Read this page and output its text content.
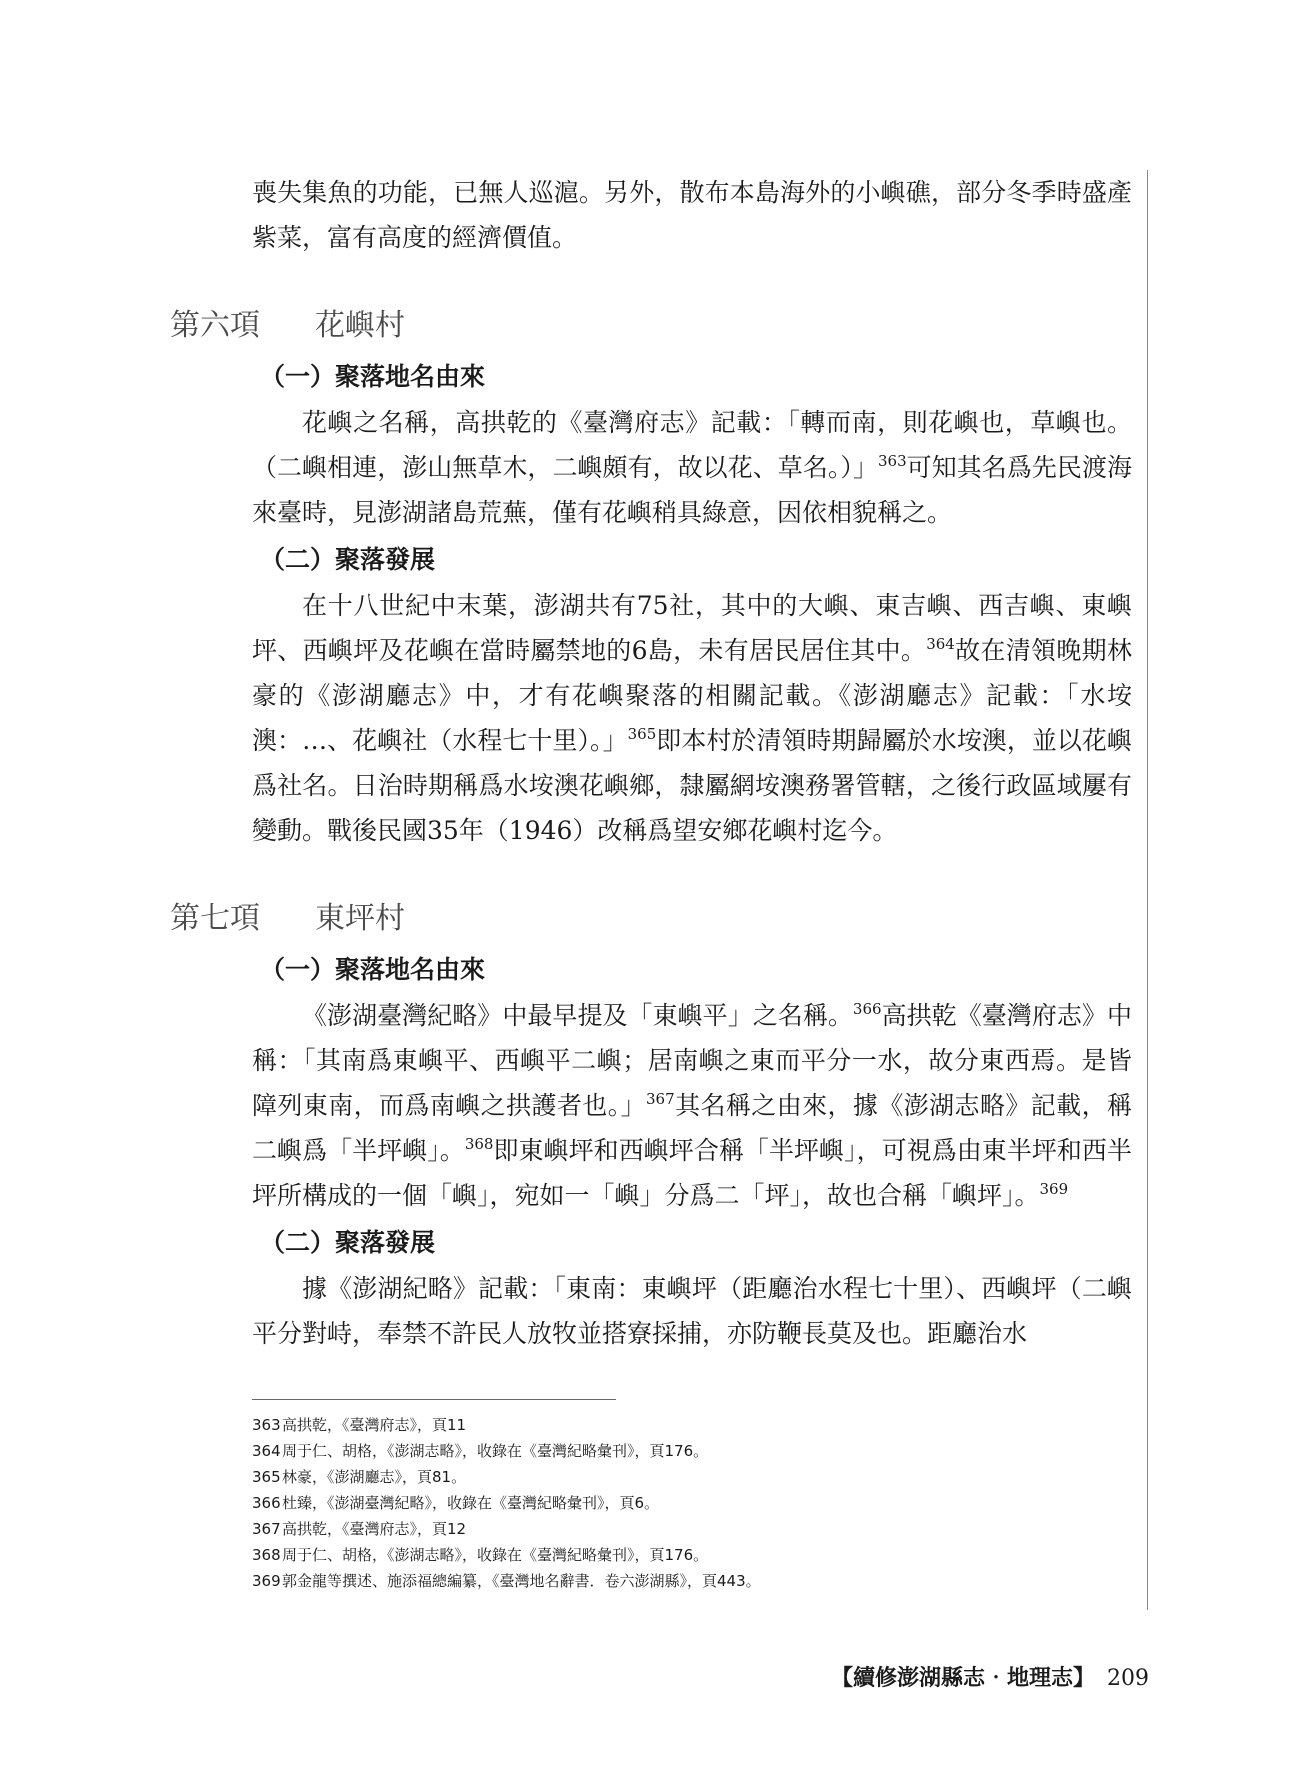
喪失集魚的功能，已無人巡滬。另外，散布本島海外的小嶼礁，部分冬季時盛產紫菜，富有高度的經濟價值。

第六項 花嶼村
（一）聚落地名由來

花嶼之名稱，高拱乾的《臺灣府志》記載：「轉而南，則花嶼也，草嶼也。（二嶼相連，澎山無草木，二嶼頗有，故以花、草名。）」$^{363}$可知其名爲先民渡海來臺時，見澎湖諸島荒蕪，僅有花嶼稍具綠意，因依相貌稱之。

（二）聚落發展

在十八世紀中末葉，澎湖共有75社，其中的大嶼、東吉嶼、西吉嶼、東嶼坪、西嶼坪及花嶼在當時屬禁地的6島，未有居民居住其中。$^{364}$故在清領晚期林豪的《澎湖廳志》中，才有花嶼聚落的相關記載。《澎湖廳志》記載：「水垵澳：…、花嶼社（水程七十里）。」$^{365}$即本村於清領時期歸屬於水垵澳，並以花嶼爲社名。日治時期稱爲水垵澳花嶼鄉，隸屬網垵澳務署管轄，之後行政區域屢有變動。戰後民國35年（1946）改稱爲望安鄉花嶼村迄今。

第七項 東坪村
（一）聚落地名由來

《澎湖臺灣紀略》中最早提及「東嶼平」之名稱。$^{366}$高拱乾《臺灣府志》中稱：「其南爲東嶼平、西嶼平二嶼；居南嶼之東而平分一水，故分東西焉。是皆障列東南，而爲南嶼之拱護者也。」$^{367}$其名稱之由來，據《澎湖志略》記載，稱二嶼爲「半坪嶼」。$^{368}$即東嶼坪和西嶼坪合稱「半坪嶼」，可視爲由東半坪和西半坪所構成的一個「嶼」，宛如一「嶼」分爲二「坪」，故也合稱「嶼坪」。$^{369}$

（二）聚落發展

據《澎湖紀略》記載：「東南：東嶼坪（距廳治水程七十里）、西嶼坪（二嶼平分對峙，奉禁不許民人放牧並搭寮採捕，亦防鞭長莫及也。距廳治水

363高拱乾，《臺灣府志》，頁11
364周于仁、胡格，《澎湖志略》，收錄在《臺灣紀略彙刊》，頁176。
365林豪，《澎湖廳志》，頁81。
366杜臻，《澎湖臺灣紀略》，收錄在《臺灣紀略彙刊》，頁6。
367高拱乾，《臺灣府志》，頁12
368周于仁、胡格，《澎湖志略》，收錄在《臺灣紀略彙刊》，頁176。
369郭金龍等撰述、施添福總編纂，《臺灣地名辭書．卷六澎湖縣》，頁443。
【續修澎湖縣志‧地理志】 209
